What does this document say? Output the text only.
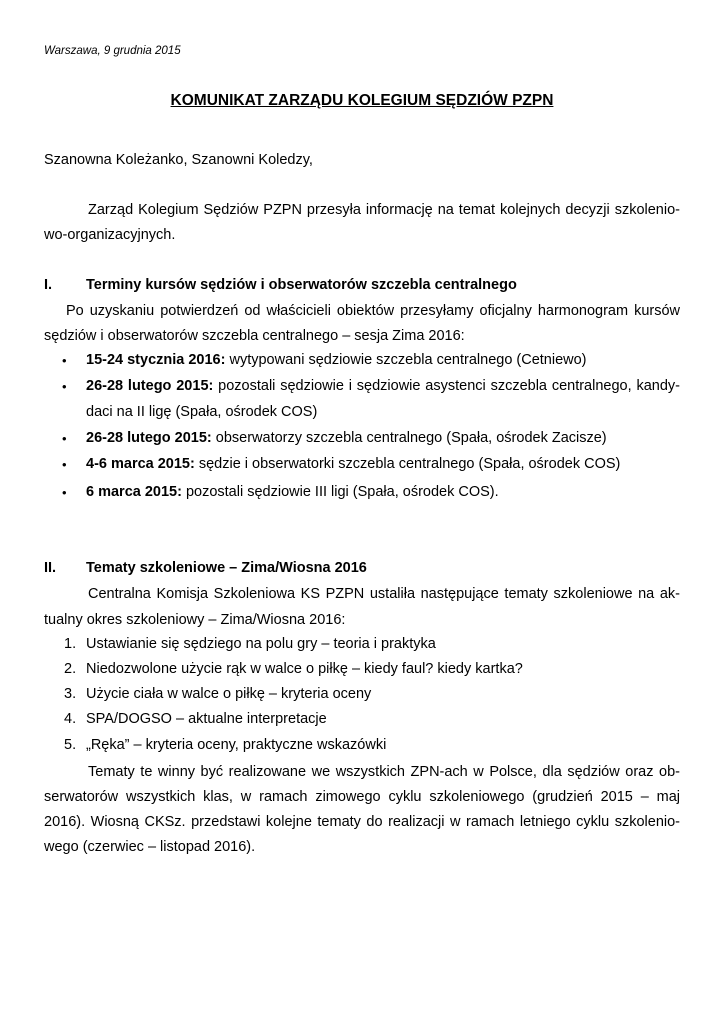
Warszawa, 9 grudnia 2015
KOMUNIKAT ZARZĄDU KOLEGIUM SĘDZIÓW PZPN
Szanowna Koleżanko, Szanowni Koledzy,
Zarząd Kolegium Sędziów PZPN przesyła informację na temat kolejnych decyzji szkolenio-
wo-organizacyjnych.
I. Terminy kursów sędziów i obserwatorów szczebla centralnego
Po uzyskaniu potwierdzeń od właścicieli obiektów przesyłamy oficjalny harmonogram kursów
sędziów i obserwatorów szczebla centralnego – sesja Zima 2016:
• 15-24 stycznia 2016: wytypowani sędziowie szczebla centralnego (Cetniewo)
• 26-28 lutego 2015: pozostali sędziowie i sędziowie asystenci szczebla centralnego, kandy-
daci na II ligę (Spała, ośrodek COS)
• 26-28 lutego 2015: obserwatorzy szczebla centralnego (Spała, ośrodek Zacisze)
• 4-6 marca 2015: sędzie i obserwatorki szczebla centralnego (Spała, ośrodek COS)
• 6 marca 2015: pozostali sędziowie III ligi (Spała, ośrodek COS).
II. Tematy szkoleniowe – Zima/Wiosna 2016
Centralna Komisja Szkoleniowa KS PZPN ustaliła następujące tematy szkoleniowe na ak-
tualny okres szkoleniowy – Zima/Wiosna 2016:
1. Ustawianie się sędziego na polu gry – teoria i praktyka
2. Niedozwolone użycie rąk w walce o piłkę – kiedy faul? kiedy kartka?
3. Użycie ciała w walce o piłkę – kryteria oceny
4. SPA/DOGSO – aktualne interpretacje
5. „Ręka” – kryteria oceny, praktyczne wskazówki
Tematy te winny być realizowane we wszystkich ZPN-ach w Polsce, dla sędziów oraz ob-
serwatorów wszystkich klas, w ramach zimowego cyklu szkoleniowego (grudzień 2015 – maj
2016). Wiosną CKSz. przedstawi kolejne tematy do realizacji w ramach letniego cyklu szkolenio-
wego (czerwiec – listopad 2016).
